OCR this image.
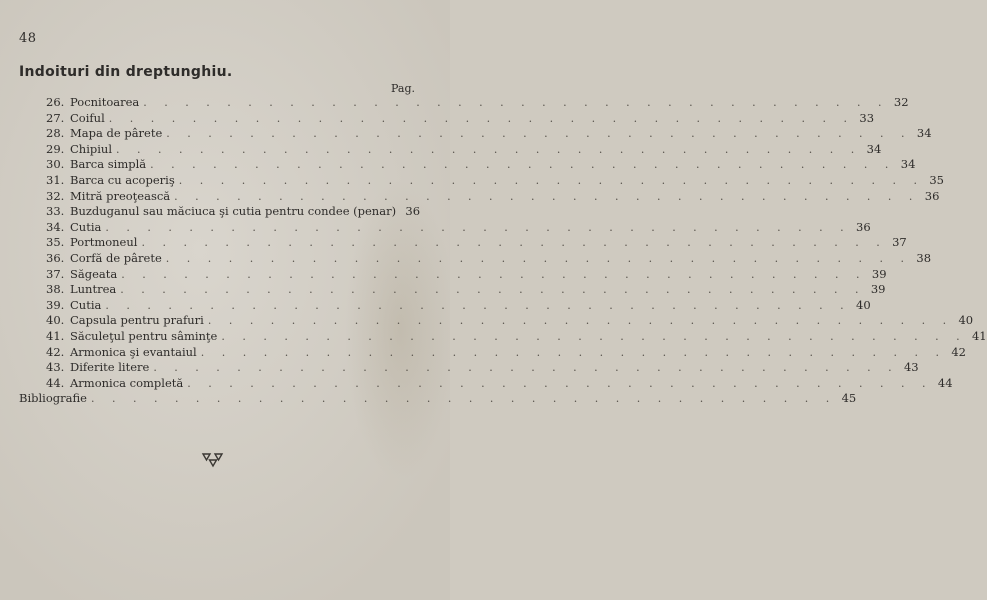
48
Indoituri din dreptunghiu.
Pag.
26. Pocnitoarea . . . . . . . . . . . . . . . . . . . . . . . . . . . . . . . . . . . . 32
27. Coiful . . . . . . . . . . . . . . . . . . . . . . . . . . . . . . . . . . . . 33
28. Mapa de pârete . . . . . . . . . . . . . . . . . . . . . . . . . . . . . . . . . . . . 34
29. Chipiul . . . . . . . . . . . . . . . . . . . . . . . . . . . . . . . . . . . . 34
30. Barca simplă . . . . . . . . . . . . . . . . . . . . . . . . . . . . . . . . . . . . 34
31. Barca cu acoperiş . . . . . . . . . . . . . . . . . . . . . . . . . . . . . . . . . . . . 35
32. Mitră preoţească . . . . . . . . . . . . . . . . . . . . . . . . . . . . . . . . . . . . 36
33. Buzduganul sau măciuca şi cutia pentru condee (penar) 36
34. Cutia . . . . . . . . . . . . . . . . . . . . . . . . . . . . . . . . . . . . 36
35. Portmoneul . . . . . . . . . . . . . . . . . . . . . . . . . . . . . . . . . . . . 37
36. Corfă de pârete . . . . . . . . . . . . . . . . . . . . . . . . . . . . . . . . . . . . 38
37. Săgeata . . . . . . . . . . . . . . . . . . . . . . . . . . . . . . . . . . . . 39
38. Luntrea . . . . . . . . . . . . . . . . . . . . . . . . . . . . . . . . . . . . 39
39. Cutia . . . . . . . . . . . . . . . . . . . . . . . . . . . . . . . . . . . . 40
40. Capsula pentru prafuri . . . . . . . . . . . . . . . . . . . . . . . . . . . . . . . . . . . . 40
41. Săculeţul pentru sâminţe . . . . . . . . . . . . . . . . . . . . . . . . . . . . . . . . . . . . 41
42. Armonica şi evantaiul . . . . . . . . . . . . . . . . . . . . . . . . . . . . . . . . . . . . 42
43. Diferite litere . . . . . . . . . . . . . . . . . . . . . . . . . . . . . . . . . . . . 43
44. Armonica completă . . . . . . . . . . . . . . . . . . . . . . . . . . . . . . . . . . . . 44
Bibliografie . . . . . . . . . . . . . . . . . . . . . . . . . . . . . . . . . . . . 45
